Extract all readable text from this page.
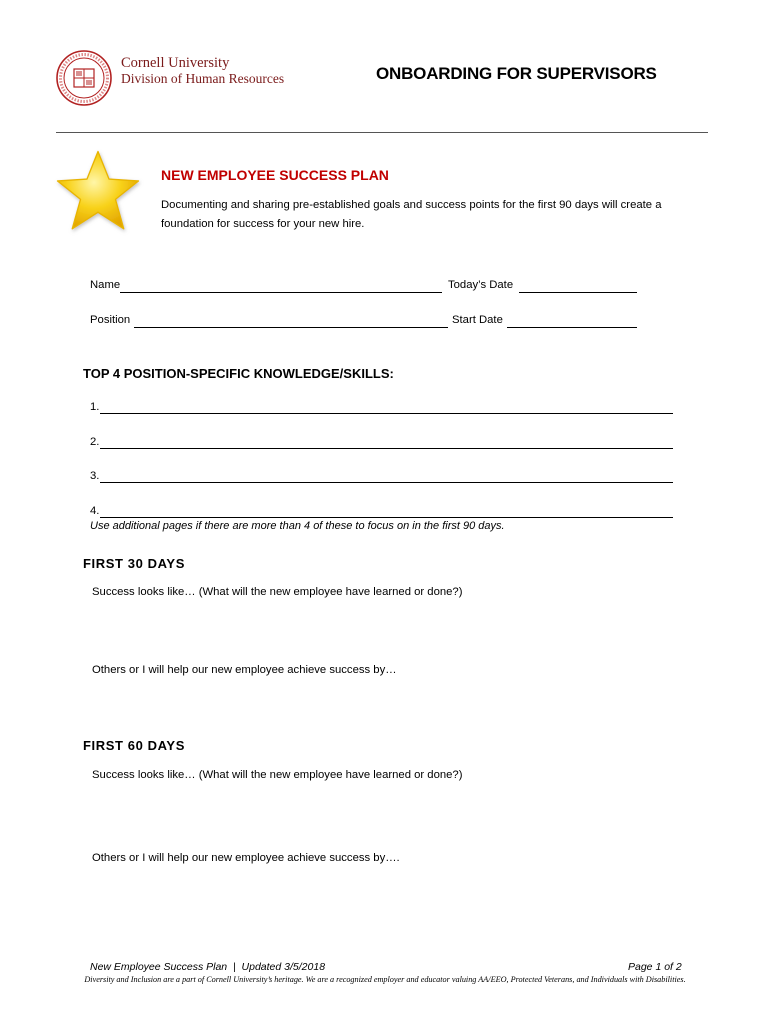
Cornell University
Division of Human Resources	ONBOARDING FOR SUPERVISORS
NEW EMPLOYEE SUCCESS PLAN
Documenting and sharing pre-established goals and success points for the first 90 days will create a foundation for success for your new hire.
Name	Today’s Date
Position	Start Date
TOP 4 POSITION-SPECIFIC KNOWLEDGE/SKILLS:
1.
2.
3.
4.
Use additional pages if there are more than 4 of these to focus on in the first 90 days.
FIRST 30 DAYS
Success looks like… (What will the new employee have learned or done?)
Others or I will help our new employee achieve success by…
FIRST 60 DAYS
Success looks like… (What will the new employee have learned or done?)
Others or I will help our new employee achieve success by….
New Employee Success Plan  |  Updated 3/5/2018	Page 1 of 2
Diversity and Inclusion are a part of Cornell University’s heritage. We are a recognized employer and educator valuing AA/EEO, Protected Veterans, and Individuals with Disabilities.
